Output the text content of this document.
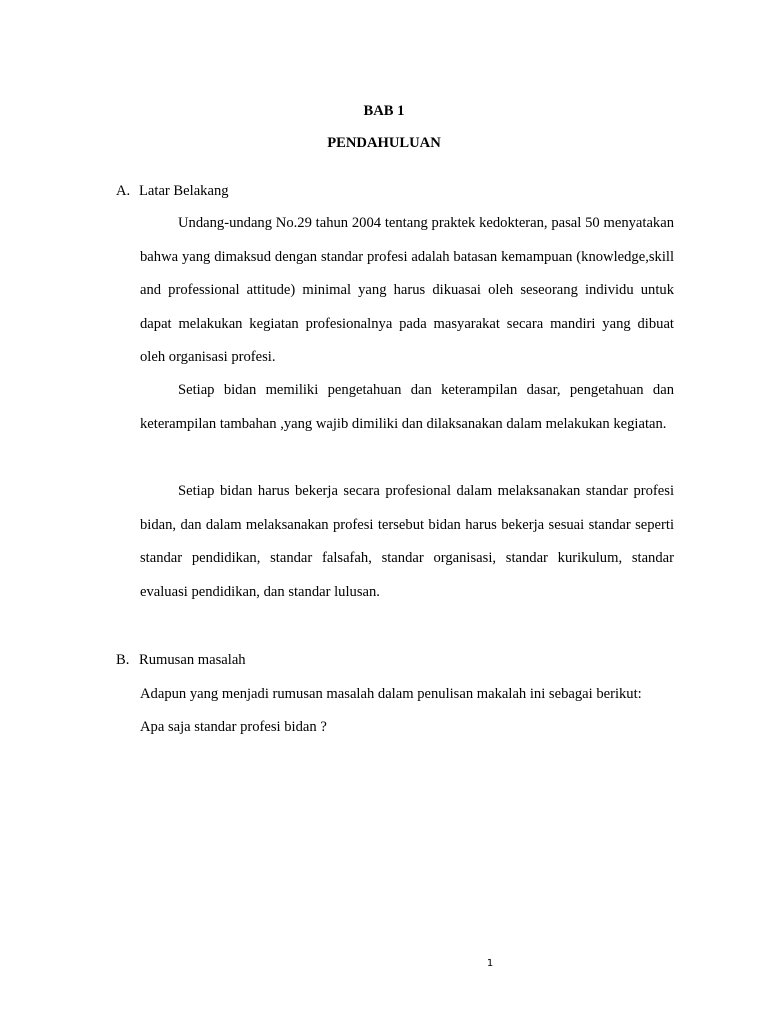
BAB 1
PENDAHULUAN
A. Latar Belakang

Undang-undang No.29 tahun 2004 tentang praktek kedokteran, pasal 50 menyatakan bahwa yang dimaksud dengan standar profesi adalah batasan kemampuan (knowledge,skill and professional attitude) minimal yang harus dikuasai oleh seseorang individu untuk dapat melakukan kegiatan profesionalnya pada masyarakat secara mandiri yang dibuat oleh organisasi profesi.

Setiap bidan memiliki pengetahuan dan keterampilan dasar, pengetahuan dan keterampilan tambahan ,yang wajib dimiliki dan dilaksanakan dalam melakukan kegiatan.

Setiap bidan harus bekerja secara profesional dalam melaksanakan standar profesi bidan, dan dalam melaksanakan profesi tersebut bidan harus bekerja sesuai standar seperti standar pendidikan, standar falsafah, standar organisasi, standar kurikulum, standar evaluasi pendidikan, dan standar lulusan.

B. Rumusan masalah
Adapun yang menjadi rumusan masalah dalam penulisan makalah ini sebagai berikut:
Apa saja standar profesi bidan ?
1
